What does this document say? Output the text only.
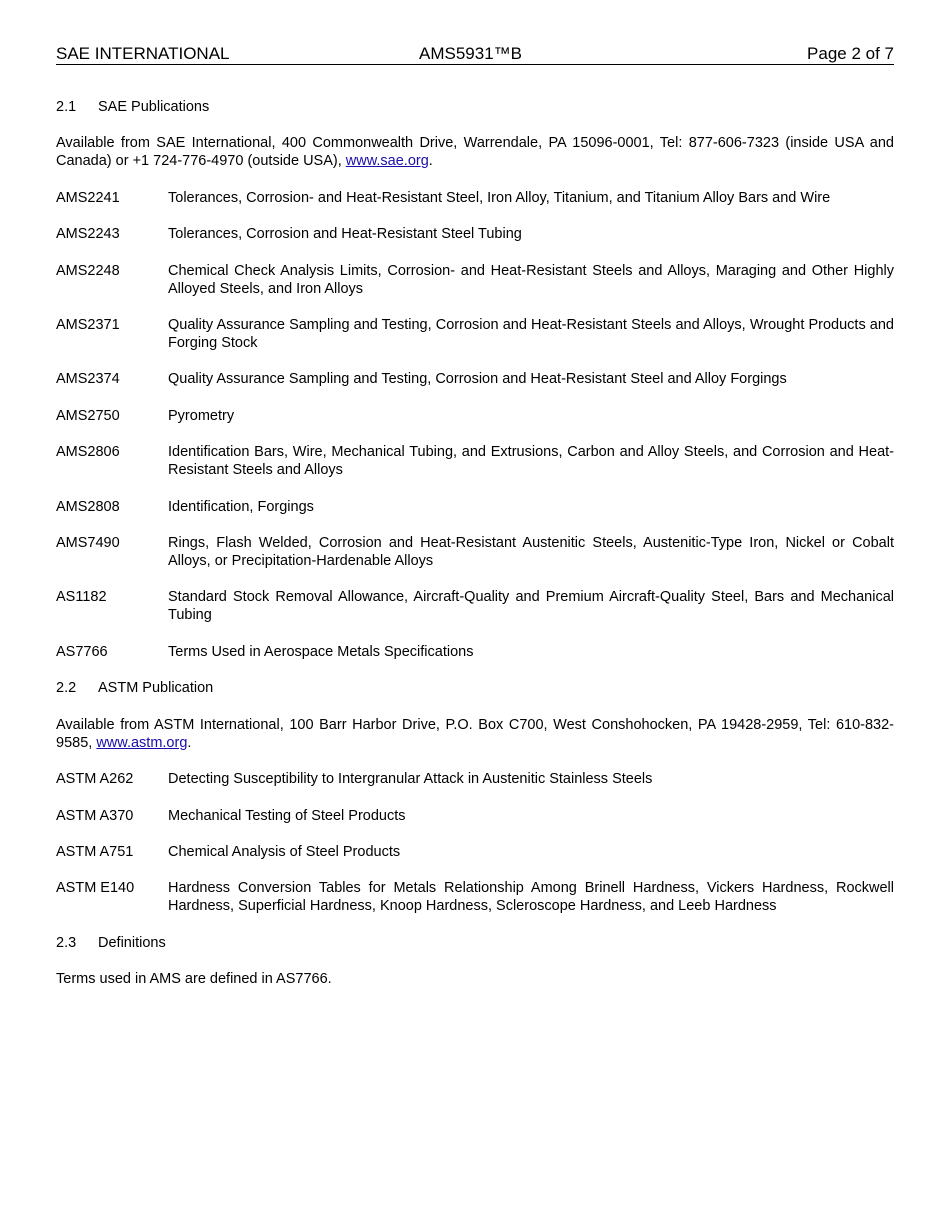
SAE INTERNATIONAL	AMS5931™B	Page 2 of 7
2.1 SAE Publications
Available from SAE International, 400 Commonwealth Drive, Warrendale, PA 15096-0001, Tel: 877-606-7323 (inside USA and Canada) or +1 724-776-4970 (outside USA), www.sae.org.
AMS2241	Tolerances, Corrosion- and Heat-Resistant Steel, Iron Alloy, Titanium, and Titanium Alloy Bars and Wire
AMS2243	Tolerances, Corrosion and Heat-Resistant Steel Tubing
AMS2248	Chemical Check Analysis Limits, Corrosion- and Heat-Resistant Steels and Alloys, Maraging and Other Highly Alloyed Steels, and Iron Alloys
AMS2371	Quality Assurance Sampling and Testing, Corrosion and Heat-Resistant Steels and Alloys, Wrought Products and Forging Stock
AMS2374	Quality Assurance Sampling and Testing, Corrosion and Heat-Resistant Steel and Alloy Forgings
AMS2750	Pyrometry
AMS2806	Identification Bars, Wire, Mechanical Tubing, and Extrusions, Carbon and Alloy Steels, and Corrosion and Heat-Resistant Steels and Alloys
AMS2808	Identification, Forgings
AMS7490	Rings, Flash Welded, Corrosion and Heat-Resistant Austenitic Steels, Austenitic-Type Iron, Nickel or Cobalt Alloys, or Precipitation-Hardenable Alloys
AS1182	Standard Stock Removal Allowance, Aircraft-Quality and Premium Aircraft-Quality Steel, Bars and Mechanical Tubing
AS7766	Terms Used in Aerospace Metals Specifications
2.2 ASTM Publication
Available from ASTM International, 100 Barr Harbor Drive, P.O. Box C700, West Conshohocken, PA 19428-2959, Tel: 610-832-9585, www.astm.org.
ASTM A262 Detecting Susceptibility to Intergranular Attack in Austenitic Stainless Steels
ASTM A370 Mechanical Testing of Steel Products
ASTM A751 Chemical Analysis of Steel Products
ASTM E140 Hardness Conversion Tables for Metals Relationship Among Brinell Hardness, Vickers Hardness, Rockwell Hardness, Superficial Hardness, Knoop Hardness, Scleroscope Hardness, and Leeb Hardness
2.3 Definitions
Terms used in AMS are defined in AS7766.
